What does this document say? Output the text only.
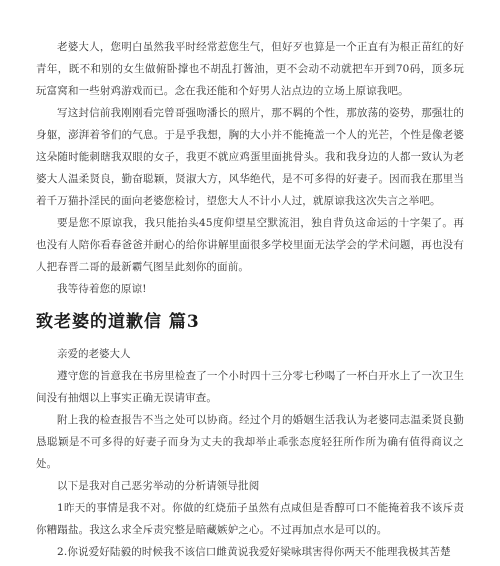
老婆大人，您明白虽然我平时经常惹您生气，但好歹也算是一个正直有为根正苗红的好青年，既不和别的女生做俯卧撑也不胡乱打酱油，更不会动不动就把车开到70码，顶多玩玩富窝和一些射鸡游戏而已。念在我还能和个好男人沾点边的立场上原谅我吧。

写这封信前我刚刚看完曾哥强吻潘长的照片，那不羁的个性，那放荡的姿势，那强壮的身躯，澎湃着爷们的气息。于是乎我想，胸的大小并不能掩盖一个人的光芒，个性是像老婆这朵随时能刺瞎我双眼的女子，我更不就应鸡蛋里面挑骨头。我和我身边的人都一致认为老婆大人温柔贤良，勤奋聪颖，贤淑大方，风华绝代，是不可多得的好妻子。因而我在那里当着千万猫扑淫民的面向老婆您检讨，望您大人不计小人过，就原谅我这次失言之举吧。

要是您不原谅我，我只能抬头45度仰望星空默流泪，独自背负这命运的十字架了。再也没有人陪你看春爸爸并耐心的给你讲解里面很多学校里面无法学会的学术问题，再也没有人把春晋二哥的最新霸气图呈此刻你的面前。

我等待着您的原谅!

致老婆的道歉信 篇3

亲爱的老婆大人

遵守您的旨意我在书房里检查了一个小时四十三分零七秒喝了一杯白开水上了一次卫生间没有抽烟以上事实正确无误请审查。

附上我的检查报告不当之处可以协商。经过个月的婚姻生活我认为老婆同志温柔贤良勤恳聪颖是不可多得的好妻子而身为丈夫的我却举止乖张态度轻狂所作所为确有值得商议之处。

以下是我对自己恶劣举动的分析请领导批阅

1昨天的事情是我不对。你做的红烧茄子虽然有点咸但是香醇可口不能掩着我不该斥责你糟蹋盐。我这么求全斥责究整是暗藏嫉妒之心。不过再加点水是可以的。

2.你说爱好陆毅的时候我不该信口雌黄说我爱好梁咏琪害得你两天不能理我极其苦楚
